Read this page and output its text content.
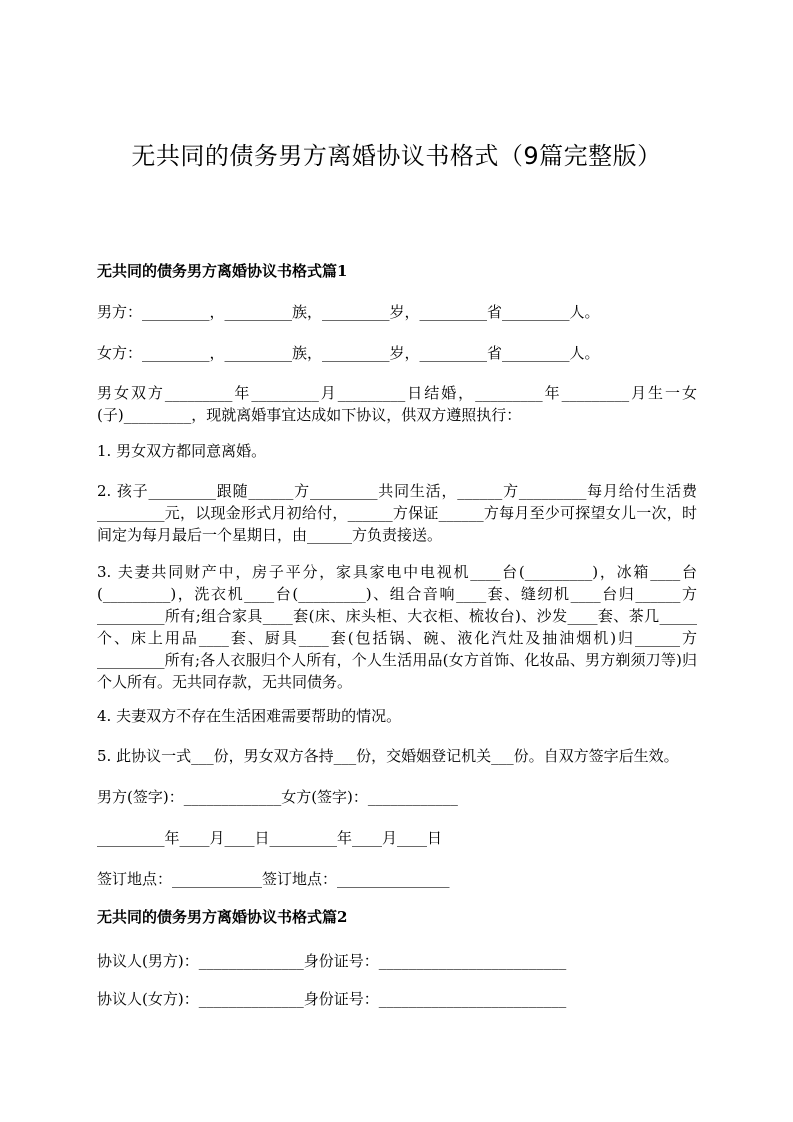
无共同的债务男方离婚协议书格式（9篇完整版）
无共同的债务男方离婚协议书格式篇1
男方：_________，_________族，_________岁，_________省_________人。
女方：_________，_________族，_________岁，_________省_________人。
男女双方_________年_________月_________日结婚，_________年_________月生一女(子)_________，现就离婚事宜达成如下协议，供双方遵照执行：
1. 男女双方都同意离婚。
2. 孩子_________跟随______方_________共同生活，______方_________每月给付生活费_________元，以现金形式月初给付，______方保证______方每月至少可探望女儿一次，时间定为每月最后一个星期日，由______方负责接送。
3. 夫妻共同财产中，房子平分，家具家电中电视机____台(_________)，冰箱____台(_________)，洗衣机____台(_________)、组合音响____套、缝纫机____台归______方_________所有;组合家具____套(床、床头柜、大衣柜、梳妆台)、沙发____套、茶几_____个、床上用品____套、厨具____套(包括锅、碗、液化汽灶及抽油烟机)归______方_________所有;各人衣服归个人所有，个人生活用品(女方首饰、化妆品、男方剃须刀等)归个人所有。无共同存款，无共同债务。
4. 夫妻双方不存在生活困难需要帮助的情况。
5. 此协议一式___份，男女双方各持___份，交婚姻登记机关___份。自双方签字后生效。
男方(签字)：_____________女方(签字)：____________
_________年____月____日_________年____月____日
签订地点：____________签订地点：_______________
无共同的债务男方离婚协议书格式篇2
协议人(男方)：______________身份证号：_________________________
协议人(女方)：______________身份证号：_________________________
